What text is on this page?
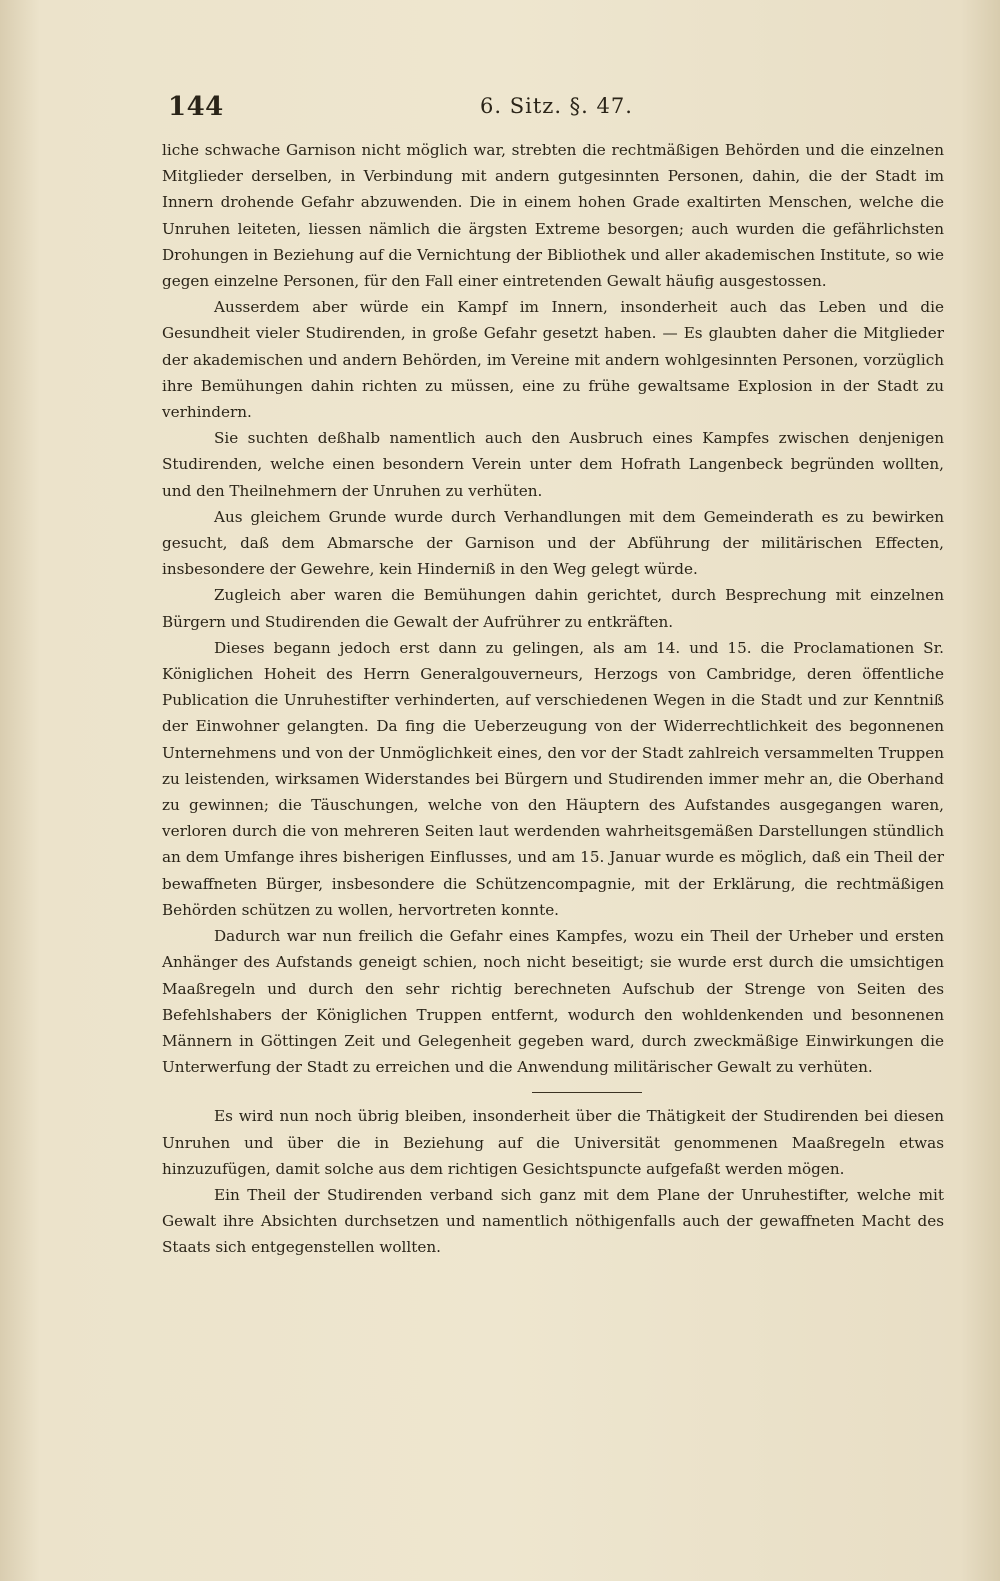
144	6. Sitz. §. 47.

liche schwache Garnison nicht möglich war, strebten die rechtmäßigen Behörden und die einzelnen Mitglieder derselben, in Verbindung mit andern gutgesinnten Personen, dahin, die der Stadt im Innern drohende Gefahr abzuwenden. Die in einem hohen Grade exaltirten Menschen, welche die Unruhen leiteten, liessen nämlich die ärgsten Extreme besorgen; auch wurden die gefährlichsten Drohungen in Beziehung auf die Vernichtung der Bibliothek und aller akademischen Institute, so wie gegen einzelne Personen, für den Fall einer eintretenden Gewalt häufig ausgestossen.

Ausserdem aber würde ein Kampf im Innern, insonderheit auch das Leben und die Gesundheit vieler Studirenden, in große Gefahr gesetzt haben. — Es glaubten daher die Mitglieder der akademischen und andern Behörden, im Vereine mit andern wohlgesinnten Personen, vorzüglich ihre Bemühungen dahin richten zu müssen, eine zu frühe gewaltsame Explosion in der Stadt zu verhindern.

Sie suchten deßhalb namentlich auch den Ausbruch eines Kampfes zwischen denjenigen Studirenden, welche einen besondern Verein unter dem Hofrath Langenbeck begründen wollten, und den Theilnehmern der Unruhen zu verhüten.

Aus gleichem Grunde wurde durch Verhandlungen mit dem Gemeinderath es zu bewirken gesucht, daß dem Abmarsche der Garnison und der Abführung der militärischen Effecten, insbesondere der Gewehre, kein Hinderniß in den Weg gelegt würde.

Zugleich aber waren die Bemühungen dahin gerichtet, durch Besprechung mit einzelnen Bürgern und Studirenden die Gewalt der Aufrührer zu entkräften.

Dieses begann jedoch erst dann zu gelingen, als am 14. und 15. die Proclamationen Sr. Königlichen Hoheit des Herrn Generalgouverneurs, Herzogs von Cambridge, deren öffentliche Publication die Unruhestifter verhinderten, auf verschiedenen Wegen in die Stadt und zur Kenntniß der Einwohner gelangten. Da fing die Ueberzeugung von der Widerrechtlichkeit des begonnenen Unternehmens und von der Unmöglichkeit eines, den vor der Stadt zahlreich versammelten Truppen zu leistenden, wirksamen Widerstandes bei Bürgern und Studirenden immer mehr an, die Oberhand zu gewinnen; die Täuschungen, welche von den Häuptern des Aufstandes ausgegangen waren, verloren durch die von mehreren Seiten laut werdenden wahrheitsgemäßen Darstellungen stündlich an dem Umfange ihres bisherigen Einflusses, und am 15. Januar wurde es möglich, daß ein Theil der bewaffneten Bürger, insbesondere die Schützencompagnie, mit der Erklärung, die rechtmäßigen Behörden schützen zu wollen, hervortreten konnte.

Dadurch war nun freilich die Gefahr eines Kampfes, wozu ein Theil der Urheber und ersten Anhänger des Aufstands geneigt schien, noch nicht beseitigt; sie wurde erst durch die umsichtigen Maaßregeln und durch den sehr richtig berechneten Aufschub der Strenge von Seiten des Befehlshabers der Königlichen Truppen entfernt, wodurch den wohldenkenden und besonnenen Männern in Göttingen Zeit und Gelegenheit gegeben ward, durch zweckmäßige Einwirkungen die Unterwerfung der Stadt zu erreichen und die Anwendung militärischer Gewalt zu verhüten.

Es wird nun noch übrig bleiben, insonderheit über die Thätigkeit der Studirenden bei diesen Unruhen und über die in Beziehung auf die Universität genommenen Maaßregeln etwas hinzuzufügen, damit solche aus dem richtigen Gesichtspuncte aufgefaßt werden mögen.

Ein Theil der Studirenden verband sich ganz mit dem Plane der Unruhestifter, welche mit Gewalt ihre Absichten durchsetzen und namentlich nöthigenfalls auch der gewaffneten Macht des Staats sich entgegenstellen wollten.
